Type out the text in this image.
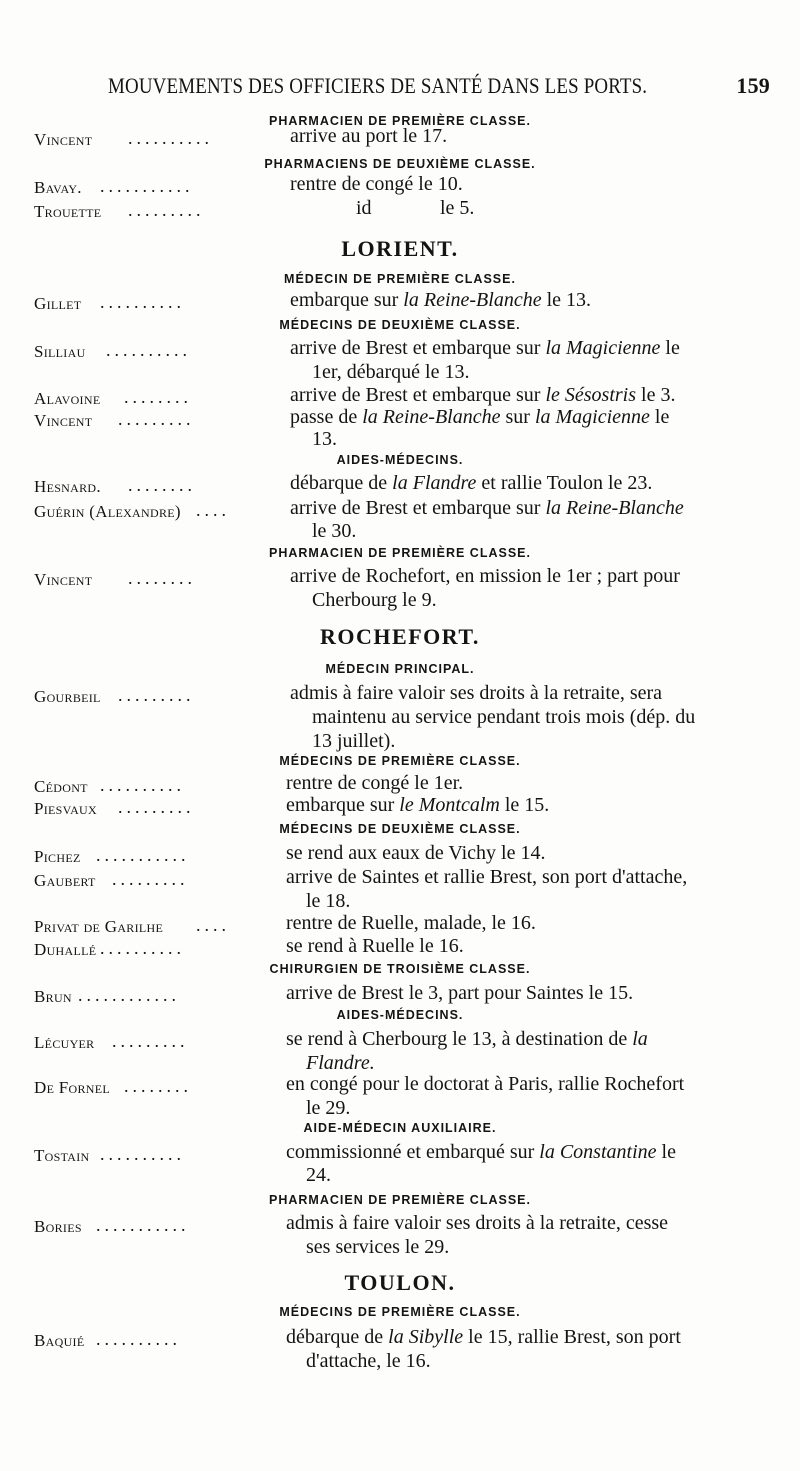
MOUVEMENTS DES OFFICIERS DE SANTÉ DANS LES PORTS.	159
PHARMACIEN DE PREMIÈRE CLASSE.
PHARMACIENS DE DEUXIÈME CLASSE.
LORIENT.
MÉDECIN DE PREMIÈRE CLASSE.
MÉDECINS DE DEUXIÈME CLASSE.
AIDES-MÉDECINS.
PHARMACIEN DE PREMIÈRE CLASSE.
ROCHEFORT.
MÉDECIN PRINCIPAL.
MÉDECINS DE PREMIÈRE CLASSE.
MÉDECINS DE DEUXIÈME CLASSE.
CHIRURGIEN DE TROISIÈME CLASSE.
AIDES-MÉDECINS.
AIDE-MÉDECIN AUXILIAIRE.
PHARMACIEN DE PREMIÈRE CLASSE.
TOULON.
MÉDECINS DE PREMIÈRE CLASSE.
Vincent ..........	arrive au port le 17.
Bavay. ...........	rentre de congé le 10.
Trouette .........	id	le 5.
Gillet ..........	embarque sur la Reine-Blanche le 13.
Silliau ..........	arrive de Brest et embarque sur la Magicienne le
1er, débarqué le 13.
Alavoine ........	arrive de Brest et embarque sur le Sésostris le 3.
Vincent .........	passe de la Reine-Blanche sur la Magicienne le
13.
Hesnard. ........	débarque de la Flandre et rallie Toulon le 23.
Guérin (Alexandre) ....	arrive de Brest et embarque sur la Reine-Blanche
le 30.
Vincent ........	arrive de Rochefort, en mission le 1er ; part pour
Cherbourg le 9.
Gourbeil .........	admis à faire valoir ses droits à la retraite, sera
maintenu au service pendant trois mois (dép. du
13 juillet).
Cédont ..........	rentre de congé le 1er.
Piesvaux .........	embarque sur le Montcalm le 15.
Pichez ...........	se rend aux eaux de Vichy le 14.
Gaubert .........	arrive de Saintes et rallie Brest, son port d'attache,
le 18.
Privat de Garilhe ....	rentre de Ruelle, malade, le 16.
Duhallé ..........	se rend à Ruelle le 16.
Brun ............	arrive de Brest le 3, part pour Saintes le 15.
Lécuyer .........	se rend à Cherbourg le 13, à destination de la
Flandre.
De Fornel ........	en congé pour le doctorat à Paris, rallie Rochefort
le 29.
Tostain ..........	commissionné et embarqué sur la Constantine le
24.
Bories ...........	admis à faire valoir ses droits à la retraite, cesse
ses services le 29.
Baquié ..........	débarque de la Sibylle le 15, rallie Brest, son port
d'attache, le 16.
